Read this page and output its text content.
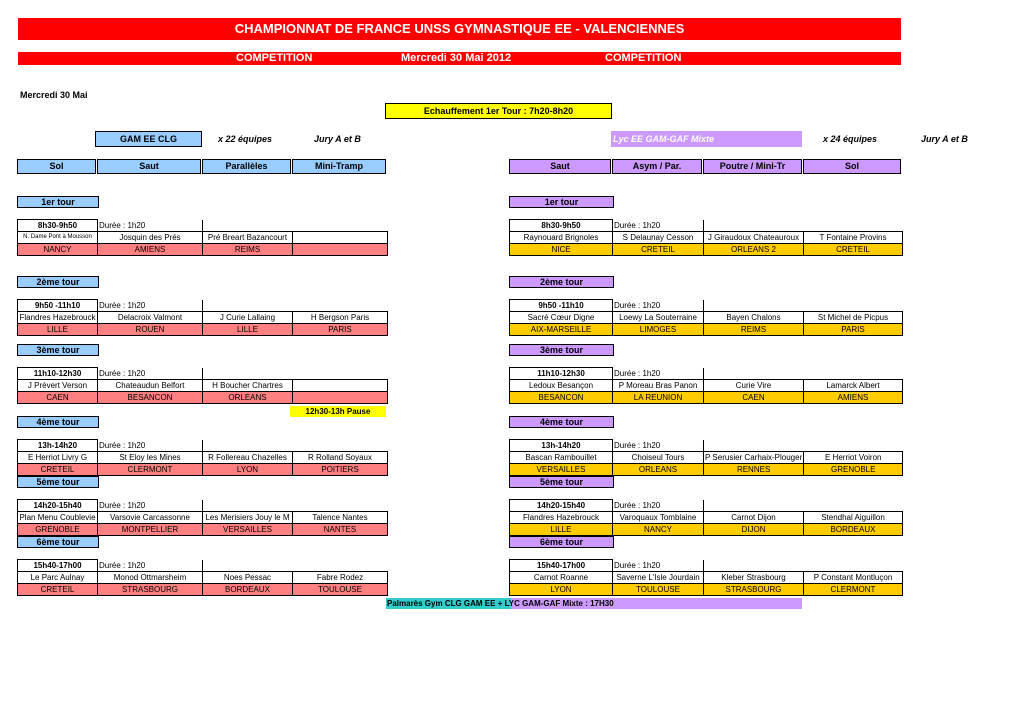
CHAMPIONNAT DE FRANCE UNSS GYMNASTIQUE EE - VALENCIENNES
COMPETITION	Mercredi 30 Mai 2012	COMPETITION
Mercredi 30 Mai
Echauffement 1er Tour : 7h20-8h20
GAM EE CLG	x 22 équipes	Jury A et B	Lyc EE GAM-GAF Mixte	x 24 équipes	Jury A et B
Sol	Saut	Parallèles	Mini-Tramp	Saut	Asym / Par.	Poutre / Mini-Tr	Sol
12h30-13h Pause
1er tour
8h30-9h50	Durée : 1h20		
N. Dame Pont à Mousson	Josquin des Prés	Pré Breart Bazancourt	
NANCY	AMIENS	REIMS	
2ème tour
9h50 -11h10	Durée : 1h20		
Flandres Hazebrouck	Delacroix Valmont	J Curie Lallaing	H Bergson Paris
LILLE	ROUEN	LILLE	PARIS
3ème tour
11h10-12h30	Durée : 1h20		
J Prévert Verson	Chateaudun Belfort	H Boucher Chartres	
CAEN	BESANCON	ORLEANS	
4ème tour
13h-14h20	Durée : 1h20		
E Herriot Livry G	St Eloy les Mines	R Follereau Chazelles	R Rolland Soyaux
CRETEIL	CLERMONT	LYON	POITIERS
5ème tour
14h20-15h40	Durée : 1h20		
Plan Menu Coublevie	Varsovie Carcassonne	Les Merisiers Jouy le M	Talence Nantes
GRENOBLE	MONTPELLIER	VERSAILLES	NANTES
6ème tour
15h40-17h00	Durée : 1h20		
Le Parc Aulnay	Monod Ottmarsheim	Noes Pessac	Fabre Rodez
CRETEIL	STRASBOURG	BORDEAUX	TOULOUSE
1er tour
8h30-9h50	Durée : 1h20		
Raynouard Brignoles	S Delaunay Cesson	J Giraudoux Chateauroux	T Fontaine Provins
NICE	CRETEIL	ORLEANS 2	CRETEIL
2ème tour
9h50 -11h10	Durée : 1h20		
Sacré Cœur Digne	Loewy La Souterraine	Bayen Chalons	St Michel de Picpus
AIX-MARSEILLE	LIMOGES	REIMS	PARIS
3ème tour
11h10-12h30	Durée : 1h20		
Ledoux Besançon	P Moreau Bras Panon	Curie Vire	Lamarck Albert
BESANCON	LA REUNION	CAEN	AMIENS
4ème tour
13h-14h20	Durée : 1h20		
Bascan Rambouillet	Choiseul Tours	P Serusier Carhaix-Plouger	E Herriot Voiron
VERSAILLES	ORLEANS	RENNES	GRENOBLE
5ème tour
14h20-15h40	Durée : 1h20		
Flandres Hazebrouck	Varoquaux Tomblaine	Carnot Dijon	Stendhal Aiguillon
LILLE	NANCY	DIJON	BORDEAUX
6ème tour
15h40-17h00	Durée : 1h20		
Carnot Roanne	Saverne L'Isle Jourdain	Kleber Strasbourg	P Constant Montluçon
LYON	TOULOUSE	STRASBOURG	CLERMONT
Palmarès Gym CLG GAM EE + LYC GAM-GAF Mixte : 17H30
